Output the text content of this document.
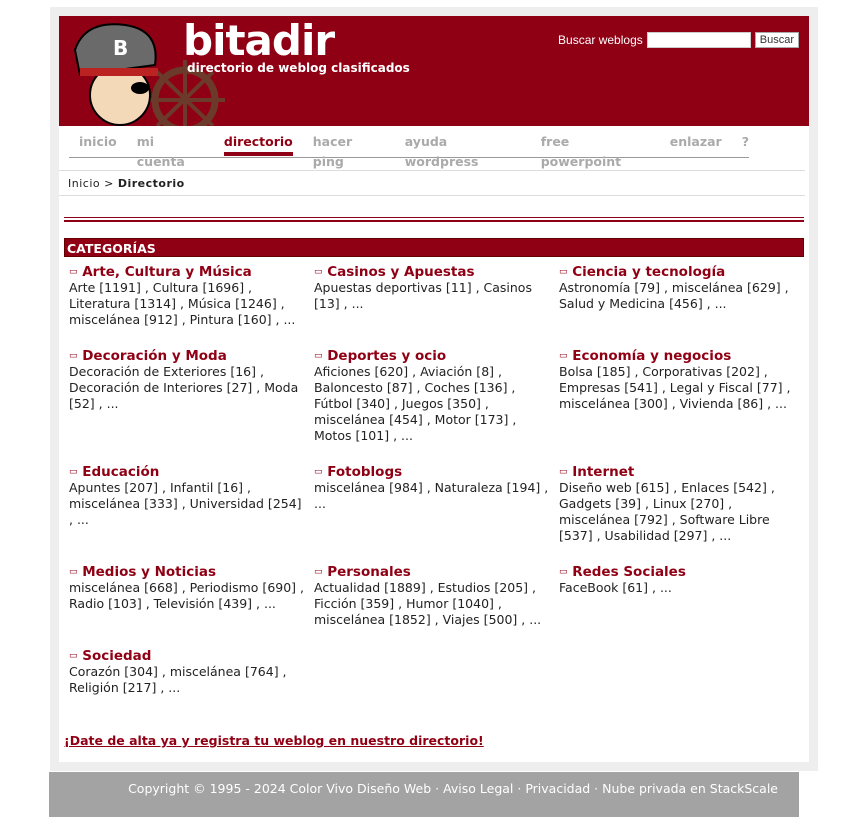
B bitadir
directorio de weblog clasificados
Buscar weblogs	Buscar
inicio mi cuenta
directorio hacer ping
ayuda wordpress
free powerpoint
enlazar ?
Inicio > Directorio
CATEGORÍAS
▭ Arte, Cultura y Música
Arte [1191] , Cultura [1696] , Literatura [1314] , Música [1246] , miscelánea [912] , Pintura [160] , ...
▭ Casinos y Apuestas
Apuestas deportivas [11] , Casinos [13] , ...
▭ Ciencia y tecnología
Astronomía [79] , miscelánea [629] , Salud y Medicina [456] , ...
▭ Decoración y Moda
Decoración de Exteriores [16] , Decoración de Interiores [27] , Moda [52] , ...
▭ Deportes y ocio
Aficiones [620] , Aviación [8] , Baloncesto [87] , Coches [136] , Fútbol [340] , Juegos [350] , miscelánea [454] , Motor [173] , Motos [101] , ...
▭ Economía y negocios
Bolsa [185] , Corporativas [202] , Empresas [541] , Legal y Fiscal [77] , miscelánea [300] , Vivienda [86] , ...
▭ Educación
Apuntes [207] , Infantil [16] , miscelánea [333] , Universidad [254] , ...
▭ Fotoblogs
miscelánea [984] , Naturaleza [194] , ...
▭ Internet
Diseño web [615] , Enlaces [542] , Gadgets [39] , Linux [270] , miscelánea [792] , Software Libre [537] , Usabilidad [297] , ...
▭ Medios y Noticias
miscelánea [668] , Periodismo [690] , Radio [103] , Televisión [439] , ...
▭ Personales
Actualidad [1889] , Estudios [205] , Ficción [359] , Humor [1040] , miscelánea [1852] , Viajes [500] , ...
▭ Redes Sociales
FaceBook [61] , ...
▭ Sociedad
Corazón [304] , miscelánea [764] , Religión [217] , ...
¡Date de alta ya y registra tu weblog en nuestro directorio!
Copyright © 1995 - 2024 Color Vivo Diseño Web · Aviso Legal · Privacidad · Nube privada en StackScale
